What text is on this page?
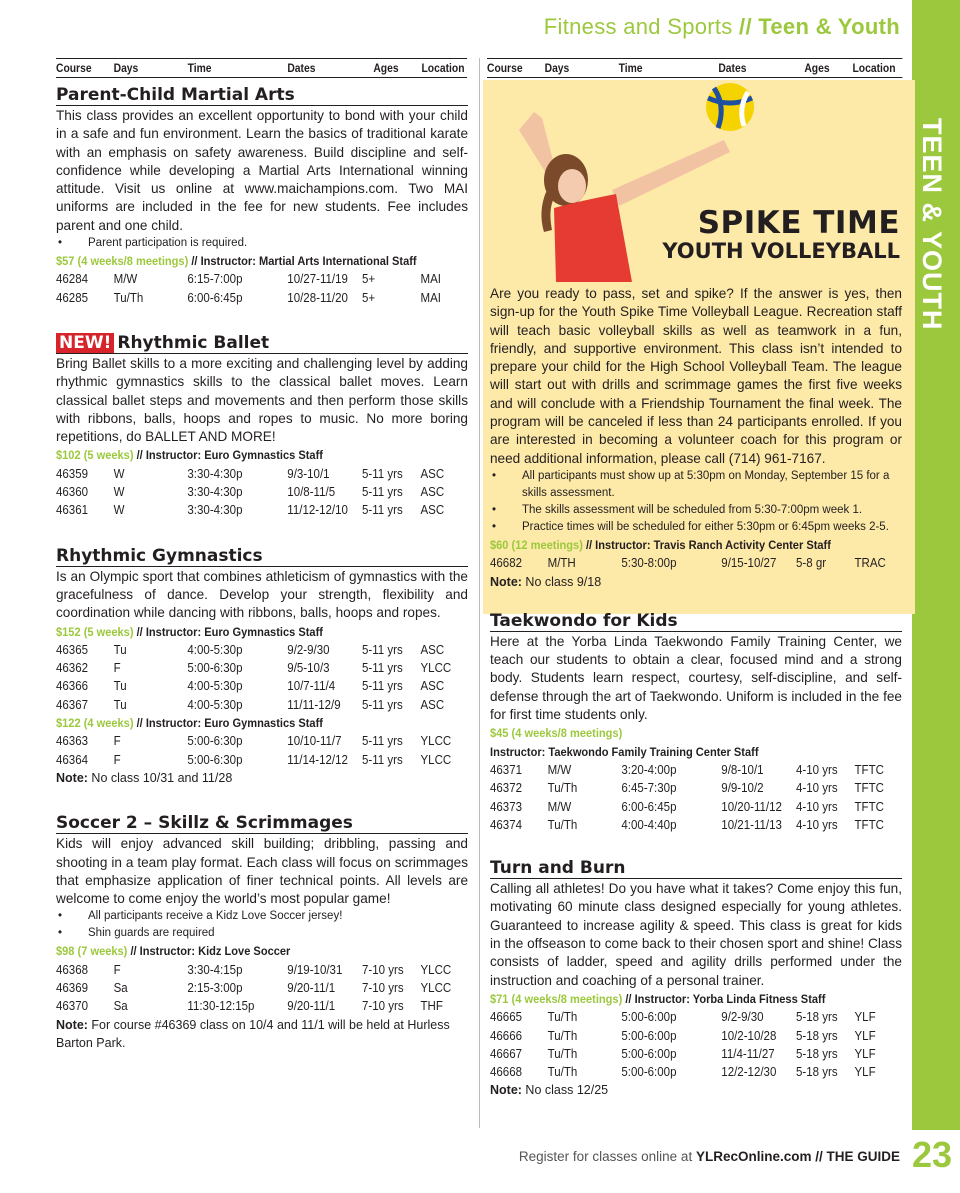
Fitness and Sports // Teen & Youth
TEEN & YOUTH
SPIKE TIME
YOUTH VOLLEYBALL
Course	Days	Time	Dates	Ages	Location
Parent-Child Martial Arts
This class provides an excellent opportunity to bond with your child in a safe and fun environment. Learn the basics of traditional karate with an emphasis on safety awareness. Build discipline and self-confidence while developing a Martial Arts International winning attitude. Visit us online at www.maichampions.com. Two MAI uniforms are included in the fee for new students. Fee includes parent and one child.
• Parent participation is required.
$57 (4 weeks/8 meetings) // Instructor: Martial Arts International Staff
46284	M/W	6:15-7:00p	10/27-11/19	5+	MAI
46285	Tu/Th	6:00-6:45p	10/28-11/20	5+	MAI
NEW! Rhythmic Ballet
Bring Ballet skills to a more exciting and challenging level by adding rhythmic gymnastics skills to the classical ballet moves. Learn classical ballet steps and movements and then perform those skills with ribbons, balls, hoops and ropes to music. No more boring repetitions, do BALLET AND MORE!
$102 (5 weeks) // Instructor: Euro Gymnastics Staff
46359	W	3:30-4:30p	9/3-10/1	5-11 yrs	ASC
46360	W	3:30-4:30p	10/8-11/5	5-11 yrs	ASC
46361	W	3:30-4:30p	11/12-12/10	5-11 yrs	ASC
Rhythmic Gymnastics
Is an Olympic sport that combines athleticism of gymnastics with the gracefulness of dance. Develop your strength, flexibility and coordination while dancing with ribbons, balls, hoops and ropes.
$152 (5 weeks) // Instructor: Euro Gymnastics Staff
46365	Tu	4:00-5:30p	9/2-9/30	5-11 yrs	ASC
46362	F	5:00-6:30p	9/5-10/3	5-11 yrs	YLCC
46366	Tu	4:00-5:30p	10/7-11/4	5-11 yrs	ASC
46367	Tu	4:00-5:30p	11/11-12/9	5-11 yrs	ASC
$122 (4 weeks) // Instructor: Euro Gymnastics Staff
46363	F	5:00-6:30p	10/10-11/7	5-11 yrs	YLCC
46364	F	5:00-6:30p	11/14-12/12	5-11 yrs	YLCC
Note: No class 10/31 and 11/28
Soccer 2 – Skillz & Scrimmages
Kids will enjoy advanced skill building; dribbling, passing and shooting in a team play format. Each class will focus on scrimmages that emphasize application of finer technical points. All levels are welcome to come enjoy the world’s most popular game!
• All participants receive a Kidz Love Soccer jersey!
• Shin guards are required
$98 (7 weeks) // Instructor: Kidz Love Soccer
46368	F	3:30-4:15p	9/19-10/31	7-10 yrs	YLCC
46369	Sa	2:15-3:00p	9/20-11/1	7-10 yrs	YLCC
46370	Sa	11:30-12:15p	9/20-11/1	7-10 yrs	THF
Note: For course #46369 class on 10/4 and 11/1 will be held at Hurless Barton Park.
Course	Days	Time	Dates	Ages	Location
Are you ready to pass, set and spike? If the answer is yes, then sign-up for the Youth Spike Time Volleyball League. Recreation staff will teach basic volleyball skills as well as teamwork in a fun, friendly, and supportive environment. This class isn’t intended to prepare your child for the High School Volleyball Team. The league will start out with drills and scrimmage games the first five weeks and will conclude with a Friendship Tournament the final week. The program will be canceled if less than 24 participants enrolled. If you are interested in becoming a volunteer coach for this program or need additional information, please call (714) 961-7167.
• All participants must show up at 5:30pm on Monday, September 15 for a skills assessment.
• The skills assessment will be scheduled from 5:30-7:00pm week 1.
• Practice times will be scheduled for either 5:30pm or 6:45pm weeks 2-5.
$60 (12 meetings) // Instructor: Travis Ranch Activity Center Staff
46682	M/TH	5:30-8:00p	9/15-10/27	5-8 gr	TRAC
Note: No class 9/18
Taekwondo for Kids
Here at the Yorba Linda Taekwondo Family Training Center, we teach our students to obtain a clear, focused mind and a strong body. Students learn respect, courtesy, self-discipline, and self-defense through the art of Taekwondo. Uniform is included in the fee for first time students only.
$45 (4 weeks/8 meetings)
Instructor: Taekwondo Family Training Center Staff
46371	M/W	3:20-4:00p	9/8-10/1	4-10 yrs	TFTC
46372	Tu/Th	6:45-7:30p	9/9-10/2	4-10 yrs	TFTC
46373	M/W	6:00-6:45p	10/20-11/12	4-10 yrs	TFTC
46374	Tu/Th	4:00-4:40p	10/21-11/13	4-10 yrs	TFTC
Turn and Burn
Calling all athletes! Do you have what it takes? Come enjoy this fun, motivating 60 minute class designed especially for young athletes. Guaranteed to increase agility & speed. This class is great for kids in the offseason to come back to their chosen sport and shine! Class consists of ladder, speed and agility drills performed under the instruction and coaching of a personal trainer.
$71 (4 weeks/8 meetings) // Instructor: Yorba Linda Fitness Staff
46665	Tu/Th	5:00-6:00p	9/2-9/30	5-18 yrs	YLF
46666	Tu/Th	5:00-6:00p	10/2-10/28	5-18 yrs	YLF
46667	Tu/Th	5:00-6:00p	11/4-11/27	5-18 yrs	YLF
46668	Tu/Th	5:00-6:00p	12/2-12/30	5-18 yrs	YLF
Note: No class 12/25
Register for classes online at YLRecOnline.com // THE GUIDE 23
